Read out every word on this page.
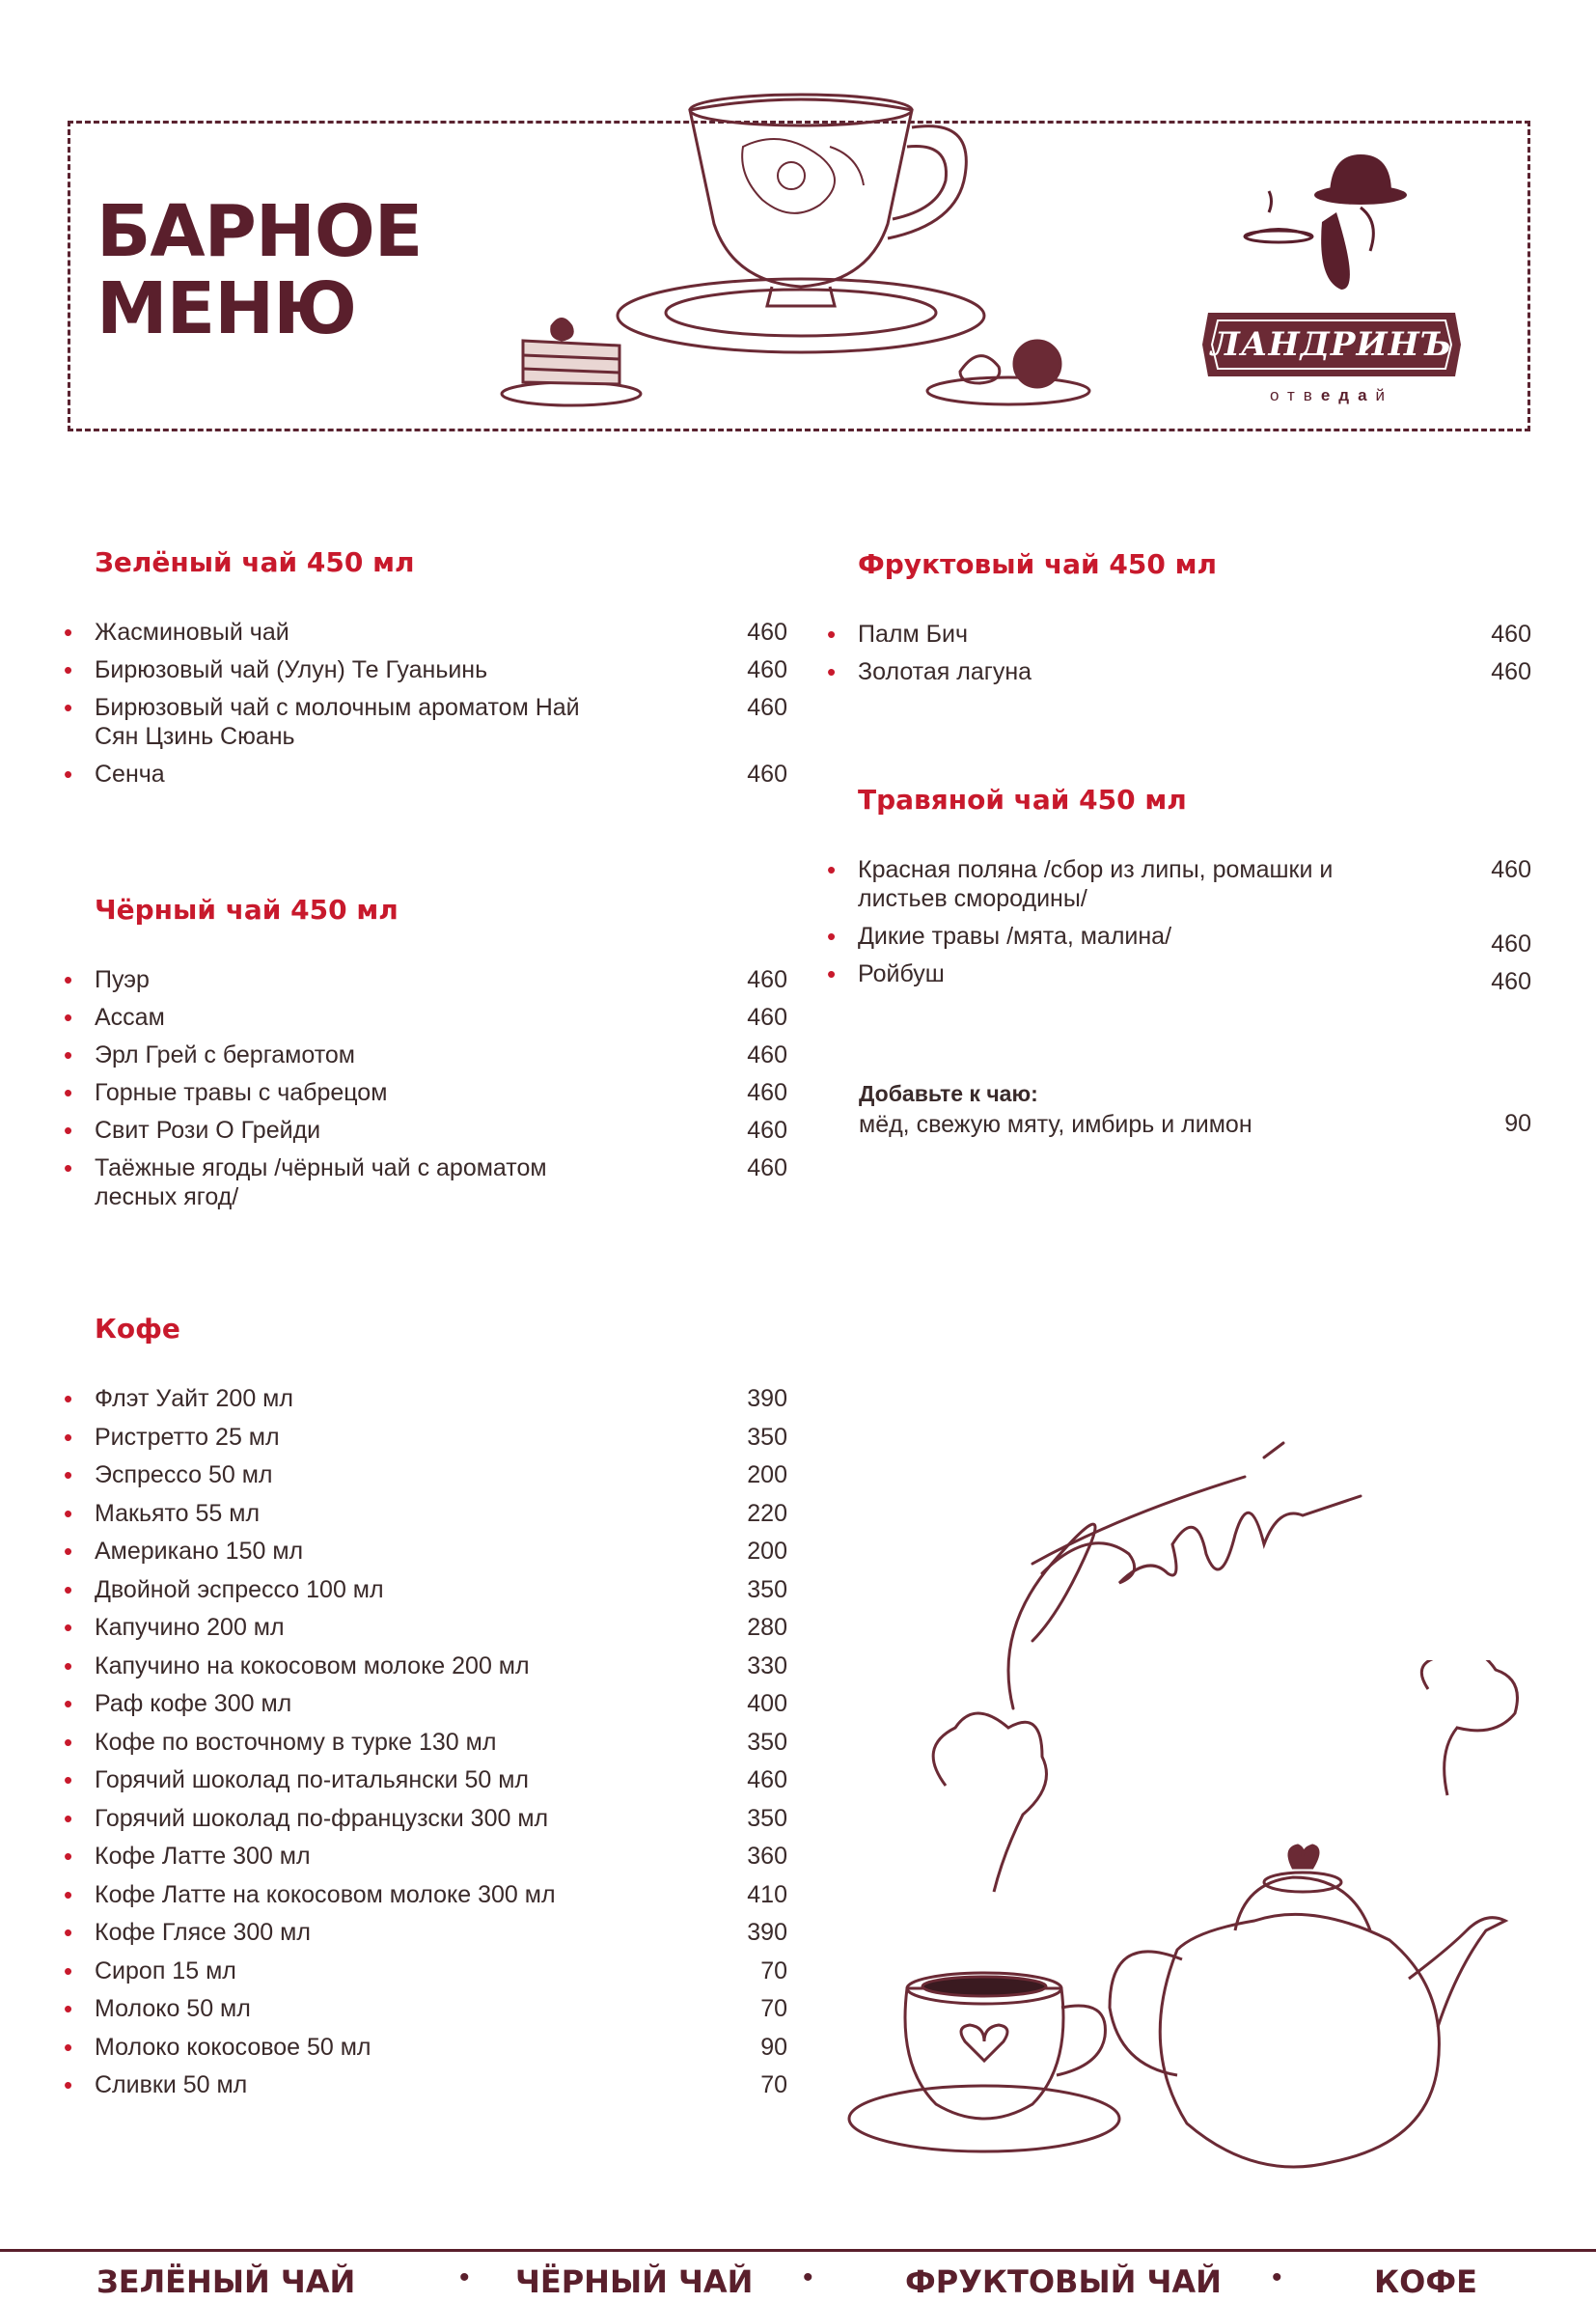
БАРНОЕ
МЕНЮ	ЛАНДРИНЪ
отведай
Зелёный чай 450 мл
• Жасминовый чай	460
• Бирюзовый чай (Улун) Те Гуаньинь	460
• Бирюзовый чай с молочным ароматом Най Сян Цзинь Сюань
460
• Сенча	460
Чёрный чай 450 мл
• Пуэр	460
• Ассам	460
• Эрл Грей с бергамотом	460
• Горные травы с чабрецом	460
• Свит Рози О Грейди	460
• Таёжные ягоды /чёрный чай с ароматом лесных ягод/
460
Кофе
• Флэт Уайт 200 мл	390
• Ристретто 25 мл	350
• Эспрессо 50 мл	200
• Макьято 55 мл	220
• Американо 150 мл	200
• Двойной эспрессо 100 мл	350
• Капучино 200 мл	280
• Капучино на кокосовом молоке 200 мл	330
• Раф кофе 300 мл	400
• Кофе по восточному в турке 130 мл	350
• Горячий шоколад по-итальянски 50 мл	460
• Горячий шоколад по-французски 300 мл	350
• Кофе Латте 300 мл	360
• Кофе Латте на кокосовом молоке 300 мл	410
• Кофе Глясе 300 мл	390
• Сироп 15 мл	70
• Молоко 50 мл	70
• Молоко кокосовое 50 мл	90
• Сливки 50 мл	70
Фруктовый чай 450 мл
• Палм Бич	460
• Золотая лагуна	460
Травяной чай 450 мл
• Красная поляна /сбор из липы, ромашки и листьев смородины/
460
• Дикие травы /мята, малина/	460
• Ройбуш	460

Добавьте к чаю:

мёд, свежую мяту, имбирь и лимон	90
ЗЕЛЁНЫЙ ЧАЙ	• ЧЁРНЫЙ ЧАЙ •	ФРУКТОВЫЙ ЧАЙ •	КОФЕ
